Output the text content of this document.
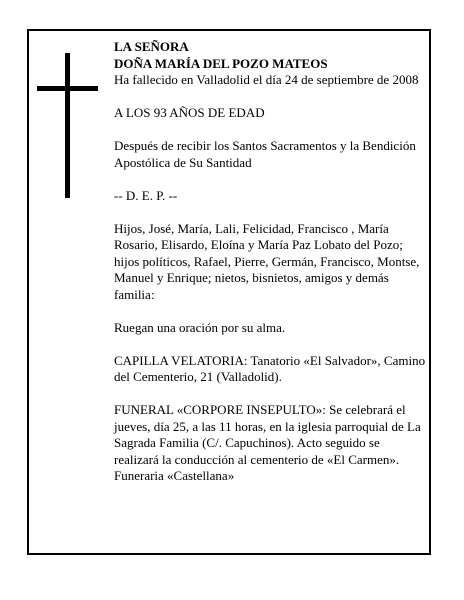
LA SEÑORA

DOÑA MARÍA DEL POZO MATEOS

Ha fallecido en Valladolid el día 24 de septiembre de 2008

A LOS 93 AÑOS DE EDAD

Después de recibir los Santos Sacramentos y la Bendición Apostólica de Su Santidad

-- D. E. P. --

Hijos, José, María, Lali, Felicidad, Francisco , María Rosario, Elisardo, Eloína y María Paz Lobato del Pozo; hijos políticos, Rafael, Pierre, Germán, Francisco, Montse, Manuel y Enrique; nietos, bisnietos, amigos y demás familia:

Ruegan una oración por su alma.

CAPILLA VELATORIA: Tanatorio «El Salvador», Camino del Cementerio, 21 (Valladolid).

FUNERAL «CORPORE INSEPULTO»: Se celebrará el jueves, día 25, a las 11 horas, en la iglesia parroquial de La Sagrada Familia (C/. Capuchinos). Acto seguido se realizará la conducción al cementerio de «El Carmen».

Funeraria «Castellana»
